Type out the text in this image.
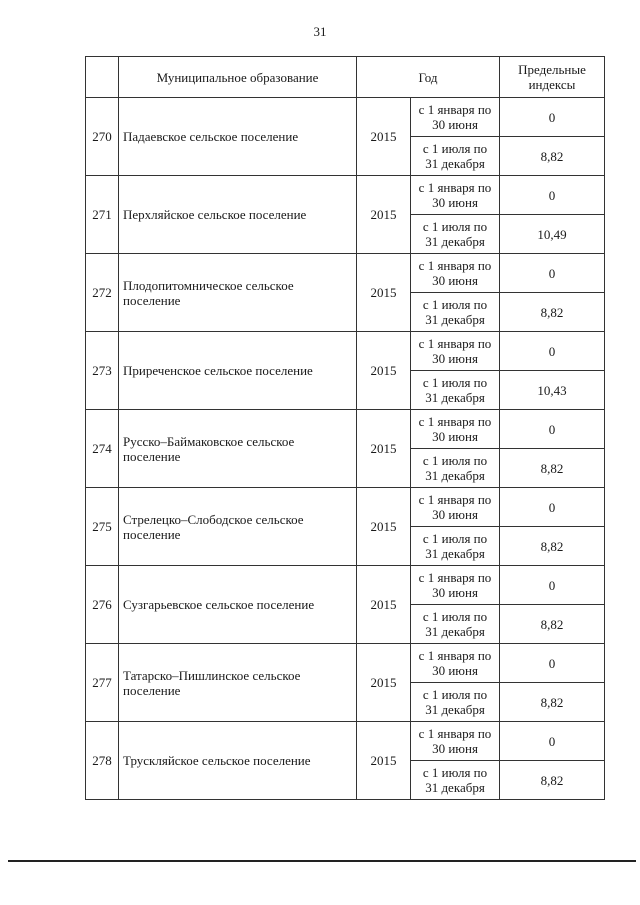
31
	Муниципальное образование	Год		Предельные индексы
270	Падаевское сельское поселение	2015	с 1 января по 30 июня	0
			с 1 июля по 31 декабря	8,82
271	Перхляйское сельское поселение	2015	с 1 января по 30 июня	0
			с 1 июля по 31 декабря	10,49
272	Плодопитомническое сельское поселение	2015	с 1 января по 30 июня	0
			с 1 июля по 31 декабря	8,82
273	Приреченское сельское поселение	2015	с 1 января по 30 июня	0
			с 1 июля по 31 декабря	10,43
274	Русско–Баймаковское сельское поселение	2015	с 1 января по 30 июня	0
			с 1 июля по 31 декабря	8,82
275	Стрелецко–Слободское сельское поселение	2015	с 1 января по 30 июня	0
			с 1 июля по 31 декабря	8,82
276	Сузгарьевское сельское поселение	2015	с 1 января по 30 июня	0
			с 1 июля по 31 декабря	8,82
277	Татарско–Пишлинское сельское поселение	2015	с 1 января по 30 июня	0
			с 1 июля по 31 декабря	8,82
278	Трускляйское сельское поселение	2015	с 1 января по 30 июня	0
			с 1 июля по 31 декабря	8,82
